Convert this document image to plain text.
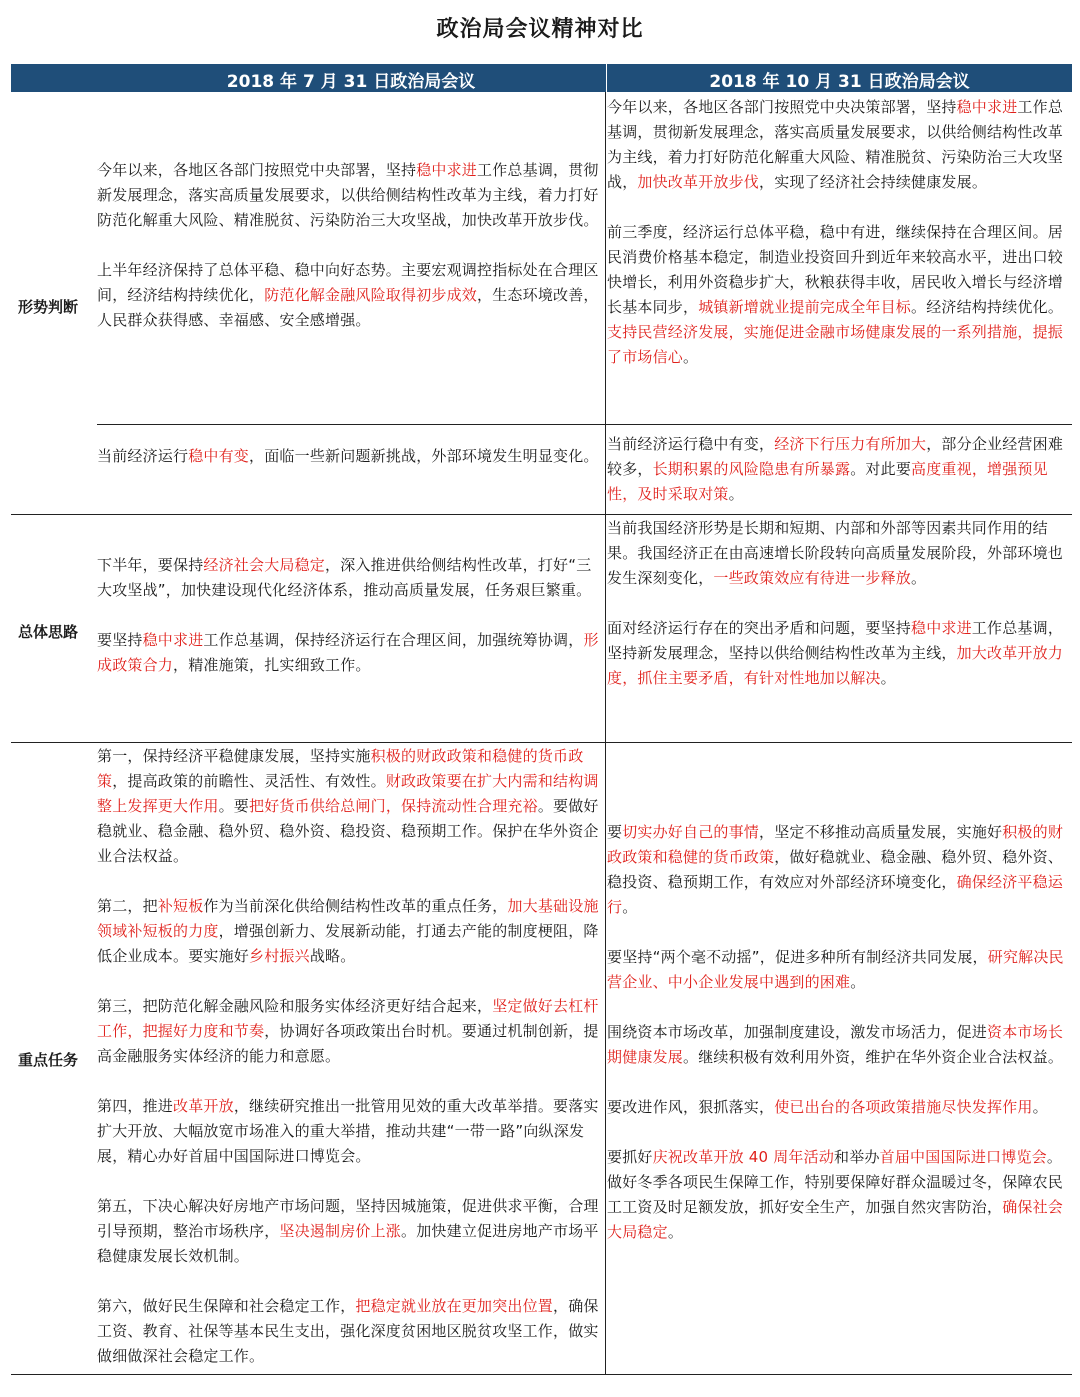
政治局会议精神对比
2018 年 7 月 31 日政治局会议	2018 年 10 月 31 日政治局会议
形势判断

今年以来，各地区各部门按照党中央部署，坚持稳中求进工作总基调，贯彻新发展理念，落实高质量发展要求，以供给侧结构性改革为主线，着力打好防范化解重大风险、精准脱贫、污染防治三大攻坚战，加快改革开放步伐。

上半年经济保持了总体平稳、稳中向好态势。主要宏观调控指标处在合理区间，经济结构持续优化，防范化解金融风险取得初步成效，生态环境改善，人民群众获得感、幸福感、安全感增强。

今年以来，各地区各部门按照党中央决策部署，坚持稳中求进工作总基调，贯彻新发展理念，落实高质量发展要求，以供给侧结构性改革为主线，着力打好防范化解重大风险、精准脱贫、污染防治三大攻坚战，加快改革开放步伐，实现了经济社会持续健康发展。

前三季度，经济运行总体平稳，稳中有进，继续保持在合理区间。居民消费价格基本稳定，制造业投资回升到近年来较高水平，进出口较快增长，利用外资稳步扩大，秋粮获得丰收，居民收入增长与经济增长基本同步，城镇新增就业提前完成全年目标。经济结构持续优化。支持民营经济发展，实施促进金融市场健康发展的一系列措施，提振了市场信心。

当前经济运行稳中有变，面临一些新问题新挑战，外部环境发生明显变化。

当前经济运行稳中有变，经济下行压力有所加大，部分企业经营困难较多，长期积累的风险隐患有所暴露。对此要高度重视，增强预见性，及时采取对策。

总体思路

下半年，要保持经济社会大局稳定，深入推进供给侧结构性改革，打好“三大攻坚战”，加快建设现代化经济体系，推动高质量发展，任务艰巨繁重。

要坚持稳中求进工作总基调，保持经济运行在合理区间，加强统筹协调，形成政策合力，精准施策，扎实细致工作。

当前我国经济形势是长期和短期、内部和外部等因素共同作用的结果。我国经济正在由高速增长阶段转向高质量发展阶段，外部环境也发生深刻变化，一些政策效应有待进一步释放。

面对经济运行存在的突出矛盾和问题，要坚持稳中求进工作总基调，坚持新发展理念，坚持以供给侧结构性改革为主线，加大改革开放力度，抓住主要矛盾，有针对性地加以解决。

重点任务

第一，保持经济平稳健康发展，坚持实施积极的财政政策和稳健的货币政策，提高政策的前瞻性、灵活性、有效性。财政政策要在扩大内需和结构调整上发挥更大作用。要把好货币供给总闸门，保持流动性合理充裕。要做好稳就业、稳金融、稳外贸、稳外资、稳投资、稳预期工作。保护在华外资企业合法权益。

第二，把补短板作为当前深化供给侧结构性改革的重点任务，加大基础设施领域补短板的力度，增强创新力、发展新动能，打通去产能的制度梗阻，降低企业成本。要实施好乡村振兴战略。

第三，把防范化解金融风险和服务实体经济更好结合起来，坚定做好去杠杆工作，把握好力度和节奏，协调好各项政策出台时机。要通过机制创新，提高金融服务实体经济的能力和意愿。

第四，推进改革开放，继续研究推出一批管用见效的重大改革举措。要落实扩大开放、大幅放宽市场准入的重大举措，推动共建“一带一路”向纵深发展，精心办好首届中国国际进口博览会。

第五，下决心解决好房地产市场问题，坚持因城施策，促进供求平衡，合理引导预期，整治市场秩序，坚决遏制房价上涨。加快建立促进房地产市场平稳健康发展长效机制。

第六，做好民生保障和社会稳定工作，把稳定就业放在更加突出位置，确保工资、教育、社保等基本民生支出，强化深度贫困地区脱贫攻坚工作，做实做细做深社会稳定工作。

要切实办好自己的事情，坚定不移推动高质量发展，实施好积极的财政政策和稳健的货币政策，做好稳就业、稳金融、稳外贸、稳外资、稳投资、稳预期工作，有效应对外部经济环境变化，确保经济平稳运行。

要坚持“两个毫不动摇”，促进多种所有制经济共同发展，研究解决民营企业、中小企业发展中遇到的困难。

围绕资本市场改革，加强制度建设，激发市场活力，促进资本市场长期健康发展。继续积极有效利用外资，维护在华外资企业合法权益。

要改进作风，狠抓落实，使已出台的各项政策措施尽快发挥作用。

要抓好庆祝改革开放 40 周年活动和举办首届中国国际进口博览会。做好冬季各项民生保障工作，特别要保障好群众温暖过冬，保障农民工工资及时足额发放，抓好安全生产，加强自然灾害防治，确保社会大局稳定。
